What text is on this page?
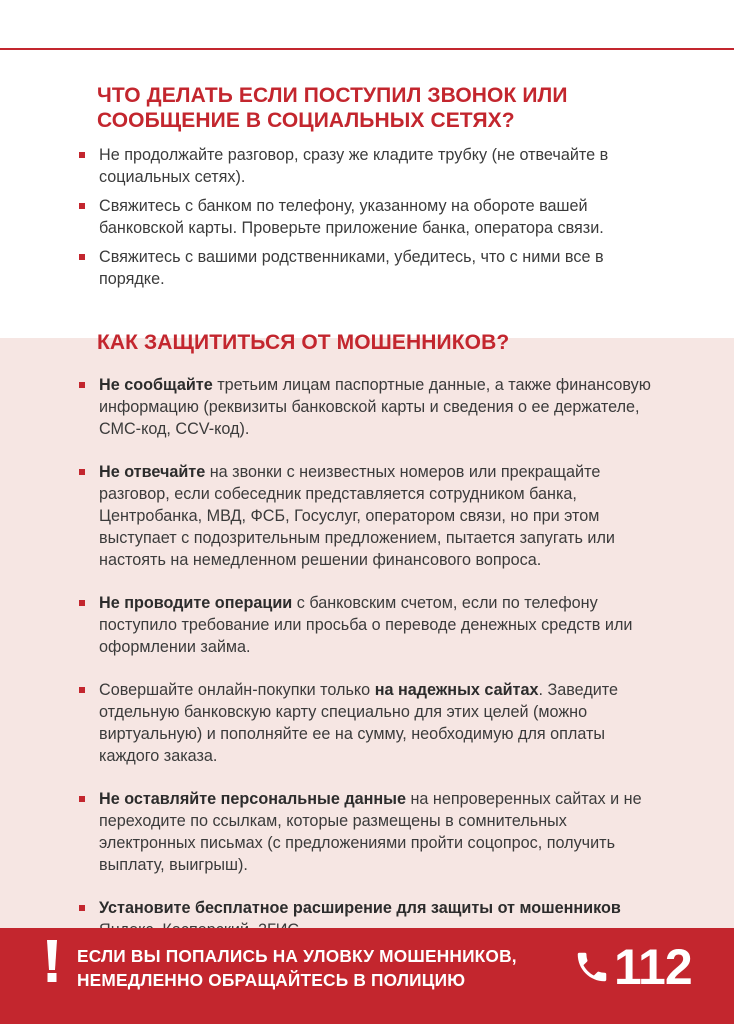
ЧТО ДЕЛАТЬ ЕСЛИ ПОСТУПИЛ ЗВОНОК ИЛИ СООБЩЕНИЕ В СОЦИАЛЬНЫХ СЕТЯХ?
Не продолжайте разговор, сразу же кладите трубку (не отвечайте в социальных сетях).
Свяжитесь с банком по телефону, указанному на обороте вашей банковской карты. Проверьте приложение банка, оператора связи.
Свяжитесь с вашими родственниками, убедитесь, что с ними все в порядке.
КАК ЗАЩИТИТЬСЯ ОТ МОШЕННИКОВ?
Не сообщайте третьим лицам паспортные данные, а также финансовую информацию (реквизиты банковской карты и сведения о ее держателе, СМС-код, CCV-код).
Не отвечайте на звонки с неизвестных номеров или прекращайте разговор, если собеседник представляется сотрудником банка, Центробанка, МВД, ФСБ, Госуслуг, оператором связи, но при этом выступает с подозрительным предложением, пытается запугать или настоять на немедленном решении финансового вопроса.
Не проводите операции с банковским счетом, если по телефону поступило требование или просьба о переводе денежных средств или оформлении займа.
Совершайте онлайн-покупки только на надежных сайтах. Заведите отдельную банковскую карту специально для этих целей (можно виртуальную) и пополняйте ее на сумму, необходимую для оплаты каждого заказа.
Не оставляйте персональные данные на непроверенных сайтах и не переходите по ссылкам, которые размещены в сомнительных электронных письмах (с предложениями пройти соцопрос, получить выплату, выигрыш).
Установите бесплатное расширение для защиты от мошенников
ЕСЛИ ВЫ ПОПАЛИСЬ НА УЛОВКУ МОШЕННИКОВ, НЕМЕДЛЕННО ОБРАЩАЙТЕСЬ В ПОЛИЦИЮ	112
